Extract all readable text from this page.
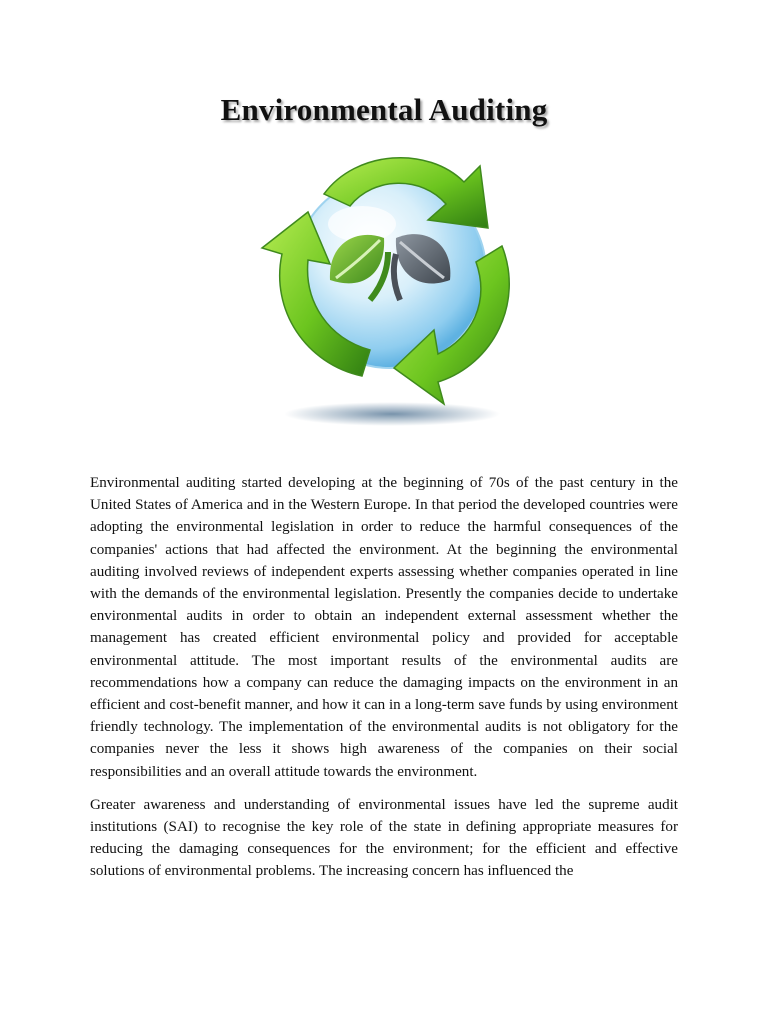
Environmental Auditing

Environmental auditing started developing at the beginning of 70s of the past century in the United States of America and in the Western Europe. In that period the developed countries were adopting the environmental legislation in order to reduce the harmful consequences of the companies' actions that had affected the environment. At the beginning the environmental auditing involved reviews of independent experts assessing whether companies operated in line with the demands of the environmental legislation. Presently the companies decide to undertake environmental audits in order to obtain an independent external assessment whether the management has created efficient environmental policy and provided for acceptable environmental attitude. The most important results of the environmental audits are recommendations how a company can reduce the damaging impacts on the environment in an efficient and cost-benefit manner, and how it can in a long-term save funds by using environment friendly technology. The implementation of the environmental audits is not obligatory for the companies never the less it shows high awareness of the companies on their social responsibilities and an overall attitude towards the environment.

Greater awareness and understanding of environmental issues have led the supreme audit institutions (SAI) to recognise the key role of the state in defining appropriate measures for reducing the damaging consequences for the environment; for the efficient and effective solutions of environmental problems. The increasing concern has influenced the
